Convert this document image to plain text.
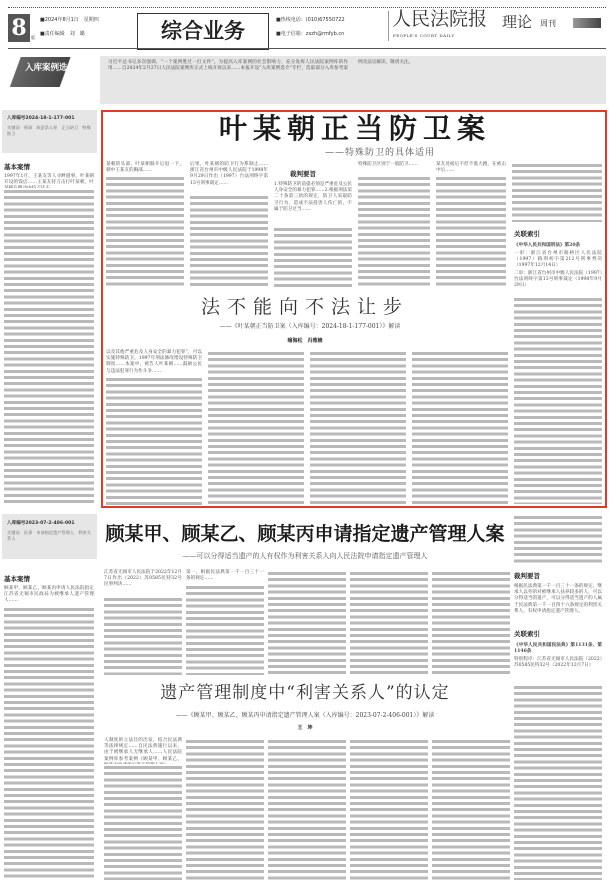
8	版
■2024年8月1日　星期四
■责任编辑　刘　璐	综合业务	■热线电话：(010)67550722
■电子信箱：zxzh@rmfyb.cn
人民法院报
PEOPLE'S COURT DAILY
理论 周刊
入库案例选介
习近平总书记多次强调，“一个案例胜过一打文件”。为提高入库案例的社会影响力，充分发挥人民法院案例库的作用……自2024年2月27日人民法院案例库正式上线开放以来……本报开设“入库案例选介”专栏，选取部分入库参考案例及法官解读，敬请关注。
入库编号2024-18-1-177-001
关键词　刑事　故意杀人罪　正当防卫　特殊防卫
基本案情
1997年1月，王某友等人寻衅滋事，叶某朝开设的饭店……王某友持刀击打叶某朝，叶
叶某朝正当防卫案
——特殊防卫的具体适用
某朝的头部，叶某朝躲开后退一下，刺中王某友的胸部……
后果，叶某朝的防卫行为系制止……浙江省台州市中级人民法院于1998年9月29日作出（1997）台法刑终字第13号刑事裁定……
裁判要旨
1.特殊防卫的前提必须是严重危及公民人身安全的暴力犯罪……2.根据刑法第二十条第三款的规定，防卫人采取防卫行为，造成不法侵害人伤亡的，不属于防卫过当……
特殊防卫区别于一般防卫……	某友处扳后不但不逃大跑，在被击中后……
关联索引
《中华人民共和国刑法》第20条
一审：浙江省台州市路桥区人民法院（1997）路刑初字第212号刑事判决（1997年12月14日）
二审：浙江省台州市中级人民法院（1997）台法刑终字第13号刑事裁定（1998年9月29日）
法不能向不法让步
——《叶某朝正当防卫案（入库编号：2024-18-1-177-001）》解读
喻海松　冯雅楠
以及其他严重危及人身安全的暴力犯罪”，可以实施特殊防卫。1997年刑法修改增设特殊防卫制度……本案中，被告人叶某朝……鼓励公民与违法犯罪行为作斗争……
入库编号2023-07-2-406-001
关键词　民事　申请指定遗产管理人　利害关系人
基本案情
顾某甲、顾某乙、顾某丙申请人民法院指定江苏省无锡市民政局为被继承人遗产管理人……
顾某甲、顾某乙、顾某丙申请指定遗产管理人案
——可以分得适当遗产的人有权作为利害关系人向人民法院申请指定遗产管理人
江苏省无锡市人民法院于2022年12月7日作出（2022）苏0585民特32号民事判决……
第一，根据民法典第一千一百三十一条的规定……	裁判要旨
根据民法典第一千一百三十一条的规定，继承人以外的对被继承人扶养较多的人，可以分得适当的遗产，可以分得适当遗产的人属于民法典第一千一百四十六条规定的利害关系人，有权申请指定遗产管理人。
关联索引
《中华人民共和国民法典》第1131条、第1146条
特别程序：江苏省无锡市人民法院（2022）苏0585民特32号（2022年12月7日）
遗产管理制度中“利害关系人”的认定
——《顾某甲、顾某乙、顾某丙申请指定遗产管理人案（入库编号：2023-07-2-406-001）》解读
王　坤
人制度的立法目的出发，结合民法典等法律规定……自民法典施行以来，由于被继承人无继承人……人民法院案例库参考案例《顾某甲、顾某乙、
